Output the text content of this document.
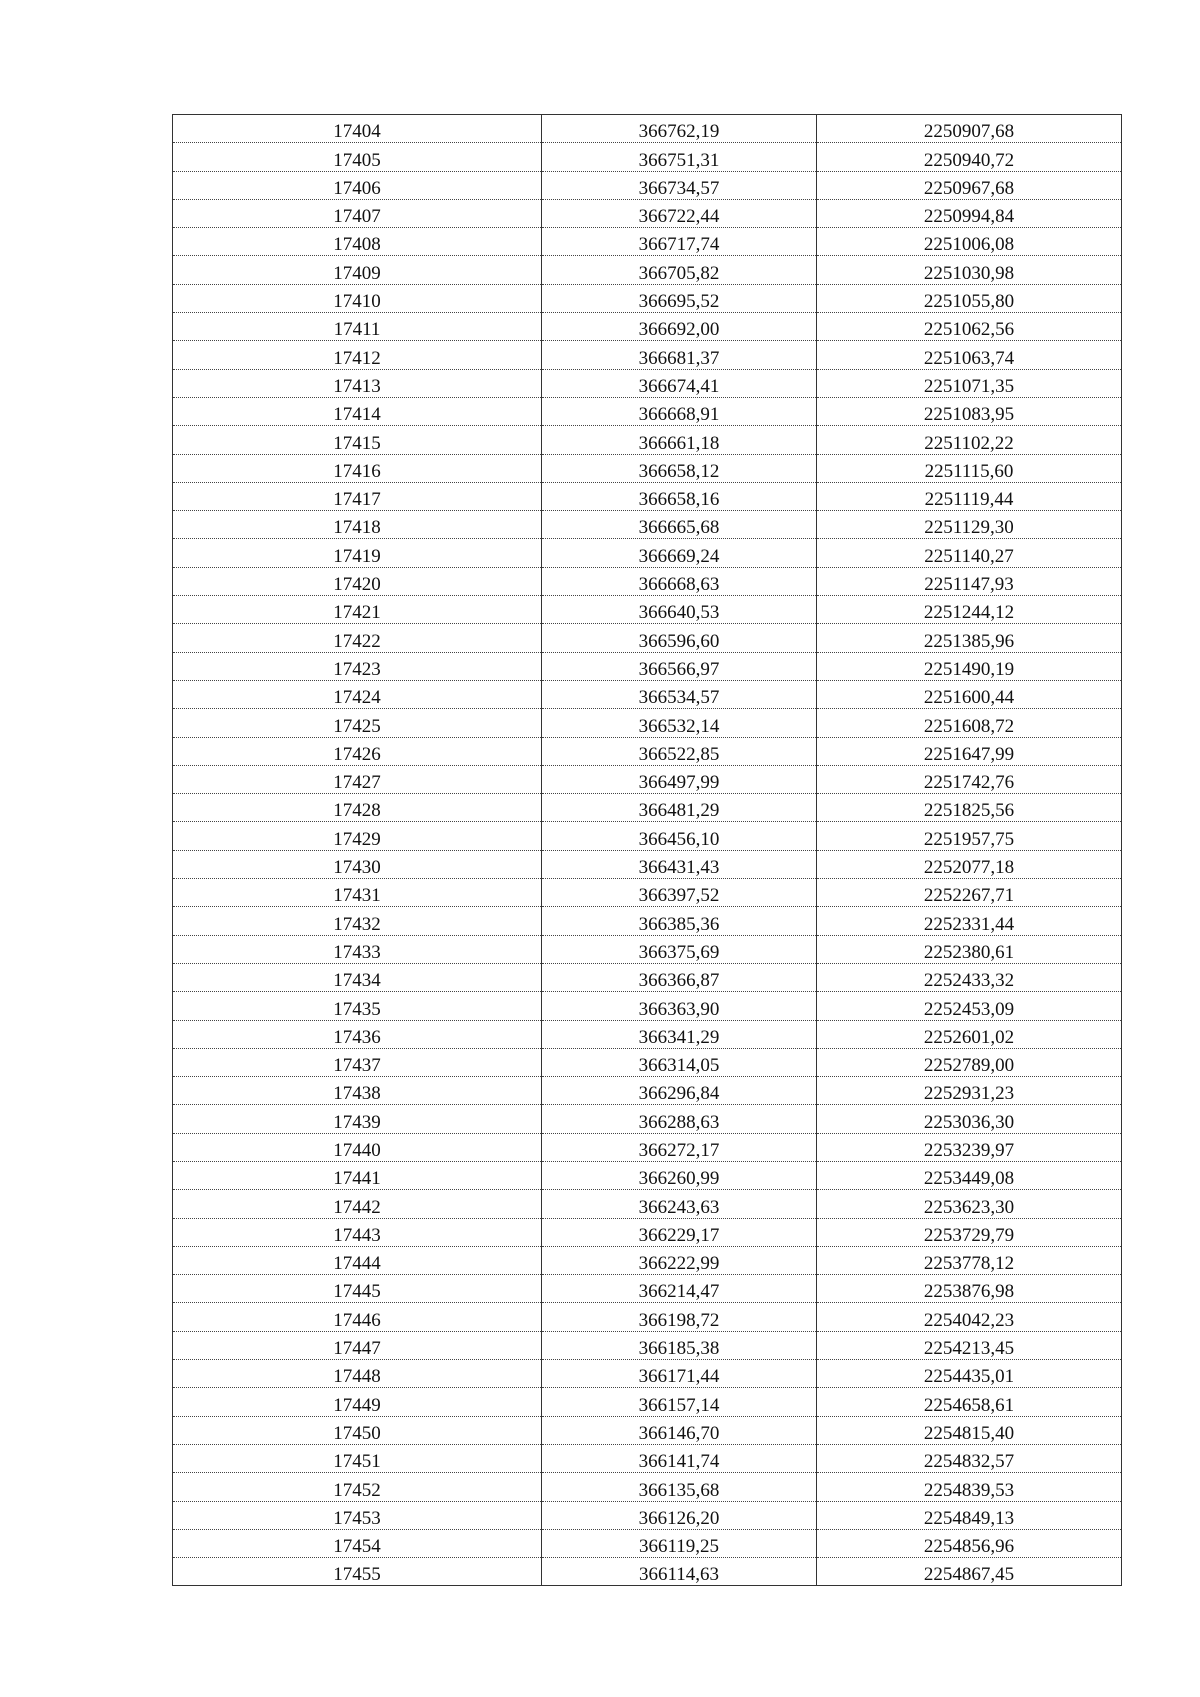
17404	366762,19	2250907,68
17405	366751,31	2250940,72
17406	366734,57	2250967,68
17407	366722,44	2250994,84
17408	366717,74	2251006,08
17409	366705,82	2251030,98
17410	366695,52	2251055,80
17411	366692,00	2251062,56
17412	366681,37	2251063,74
17413	366674,41	2251071,35
17414	366668,91	2251083,95
17415	366661,18	2251102,22
17416	366658,12	2251115,60
17417	366658,16	2251119,44
17418	366665,68	2251129,30
17419	366669,24	2251140,27
17420	366668,63	2251147,93
17421	366640,53	2251244,12
17422	366596,60	2251385,96
17423	366566,97	2251490,19
17424	366534,57	2251600,44
17425	366532,14	2251608,72
17426	366522,85	2251647,99
17427	366497,99	2251742,76
17428	366481,29	2251825,56
17429	366456,10	2251957,75
17430	366431,43	2252077,18
17431	366397,52	2252267,71
17432	366385,36	2252331,44
17433	366375,69	2252380,61
17434	366366,87	2252433,32
17435	366363,90	2252453,09
17436	366341,29	2252601,02
17437	366314,05	2252789,00
17438	366296,84	2252931,23
17439	366288,63	2253036,30
17440	366272,17	2253239,97
17441	366260,99	2253449,08
17442	366243,63	2253623,30
17443	366229,17	2253729,79
17444	366222,99	2253778,12
17445	366214,47	2253876,98
17446	366198,72	2254042,23
17447	366185,38	2254213,45
17448	366171,44	2254435,01
17449	366157,14	2254658,61
17450	366146,70	2254815,40
17451	366141,74	2254832,57
17452	366135,68	2254839,53
17453	366126,20	2254849,13
17454	366119,25	2254856,96
17455	366114,63	2254867,45
